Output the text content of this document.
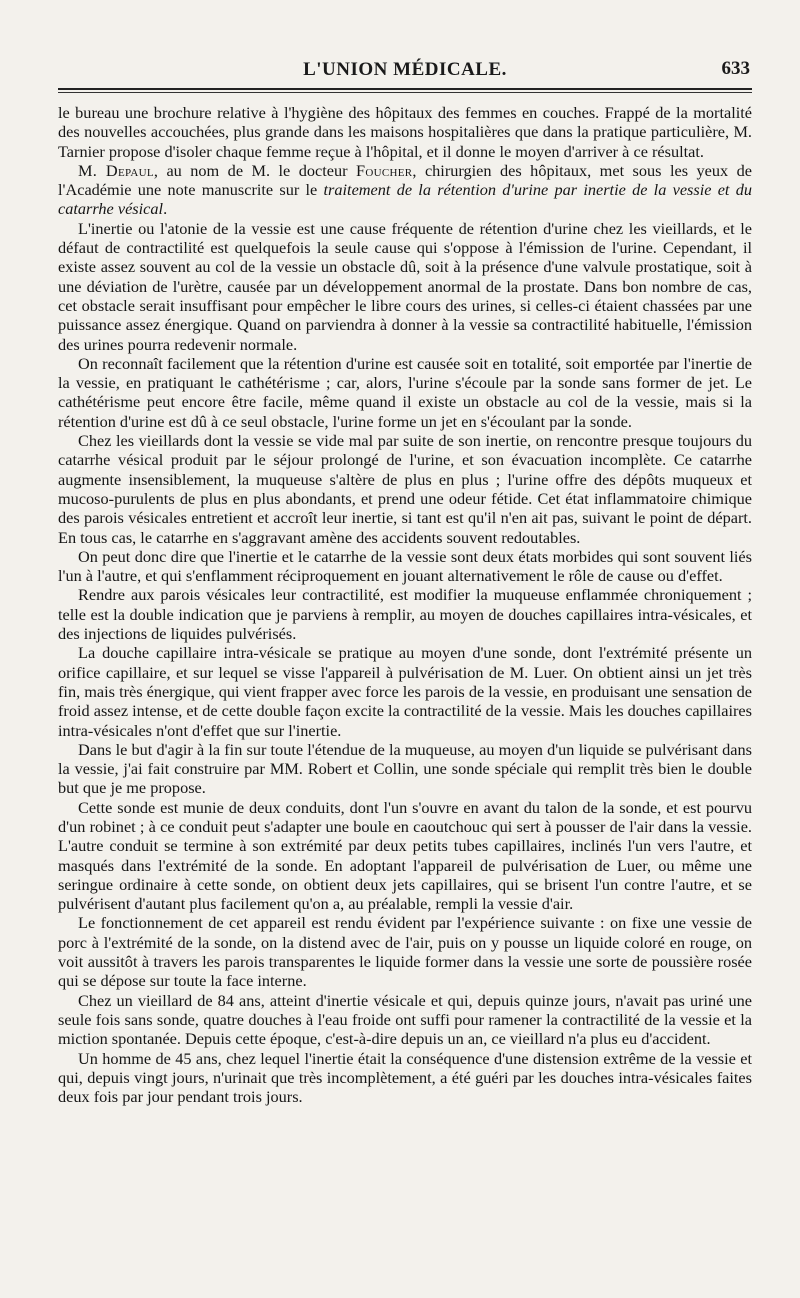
L'UNION MÉDICALE.	633

le bureau une brochure relative à l'hygiène des hôpitaux des femmes en couches. Frappé de la mortalité des nouvelles accouchées, plus grande dans les maisons hospitalières que dans la pratique particulière, M. Tarnier propose d'isoler chaque femme reçue à l'hôpital, et il donne le moyen d'arriver à ce résultat.

M. Depaul, au nom de M. le docteur Foucher, chirurgien des hôpitaux, met sous les yeux de l'Académie une note manuscrite sur le traitement de la rétention d'urine par inertie de la vessie et du catarrhe vésical.

L'inertie ou l'atonie de la vessie est une cause fréquente de rétention d'urine chez les vieillards, et le défaut de contractilité est quelquefois la seule cause qui s'oppose à l'émission de l'urine. Cependant, il existe assez souvent au col de la vessie un obstacle dû, soit à la présence d'une valvule prostatique, soit à une déviation de l'urètre, causée par un développement anormal de la prostate. Dans bon nombre de cas, cet obstacle serait insuffisant pour empêcher le libre cours des urines, si celles-ci étaient chassées par une puissance assez énergique. Quand on parviendra à donner à la vessie sa contractilité habituelle, l'émission des urines pourra redevenir normale.

On reconnaît facilement que la rétention d'urine est causée soit en totalité, soit emportée par l'inertie de la vessie, en pratiquant le cathétérisme ; car, alors, l'urine s'écoule par la sonde sans former de jet. Le cathétérisme peut encore être facile, même quand il existe un obstacle au col de la vessie, mais si la rétention d'urine est dû à ce seul obstacle, l'urine forme un jet en s'écoulant par la sonde.

Chez les vieillards dont la vessie se vide mal par suite de son inertie, on rencontre presque toujours du catarrhe vésical produit par le séjour prolongé de l'urine, et son évacuation incomplète. Ce catarrhe augmente insensiblement, la muqueuse s'altère de plus en plus ; l'urine offre des dépôts muqueux et mucoso-purulents de plus en plus abondants, et prend une odeur fétide. Cet état inflammatoire chimique des parois vésicales entretient et accroît leur inertie, si tant est qu'il n'en ait pas, suivant le point de départ. En tous cas, le catarrhe en s'aggravant amène des accidents souvent redoutables.

On peut donc dire que l'inertie et le catarrhe de la vessie sont deux états morbides qui sont souvent liés l'un à l'autre, et qui s'enflamment réciproquement en jouant alternativement le rôle de cause ou d'effet.

Rendre aux parois vésicales leur contractilité, est modifier la muqueuse enflammée chroniquement ; telle est la double indication que je parviens à remplir, au moyen de douches capillaires intra-vésicales, et des injections de liquides pulvérisés.

La douche capillaire intra-vésicale se pratique au moyen d'une sonde, dont l'extrémité présente un orifice capillaire, et sur lequel se visse l'appareil à pulvérisation de M. Luer. On obtient ainsi un jet très fin, mais très énergique, qui vient frapper avec force les parois de la vessie, en produisant une sensation de froid assez intense, et de cette double façon excite la contractilité de la vessie. Mais les douches capillaires intra-vésicales n'ont d'effet que sur l'inertie.

Dans le but d'agir à la fin sur toute l'étendue de la muqueuse, au moyen d'un liquide se pulvérisant dans la vessie, j'ai fait construire par MM. Robert et Collin, une sonde spéciale qui remplit très bien le double but que je me propose.

Cette sonde est munie de deux conduits, dont l'un s'ouvre en avant du talon de la sonde, et est pourvu d'un robinet ; à ce conduit peut s'adapter une boule en caoutchouc qui sert à pousser de l'air dans la vessie. L'autre conduit se termine à son extrémité par deux petits tubes capillaires, inclinés l'un vers l'autre, et masqués dans l'extrémité de la sonde. En adoptant l'appareil de pulvérisation de Luer, ou même une seringue ordinaire à cette sonde, on obtient deux jets capillaires, qui se brisent l'un contre l'autre, et se pulvérisent d'autant plus facilement qu'on a, au préalable, rempli la vessie d'air.

Le fonctionnement de cet appareil est rendu évident par l'expérience suivante : on fixe une vessie de porc à l'extrémité de la sonde, on la distend avec de l'air, puis on y pousse un liquide coloré en rouge, on voit aussitôt à travers les parois transparentes le liquide former dans la vessie une sorte de poussière rosée qui se dépose sur toute la face interne.

Chez un vieillard de 84 ans, atteint d'inertie vésicale et qui, depuis quinze jours, n'avait pas uriné une seule fois sans sonde, quatre douches à l'eau froide ont suffi pour ramener la contractilité de la vessie et la miction spontanée. Depuis cette époque, c'est-à-dire depuis un an, ce vieillard n'a plus eu d'accident.

Un homme de 45 ans, chez lequel l'inertie était la conséquence d'une distension extrême de la vessie et qui, depuis vingt jours, n'urinait que très incomplètement, a été guéri par les douches intra-vésicales faites deux fois par jour pendant trois jours.
